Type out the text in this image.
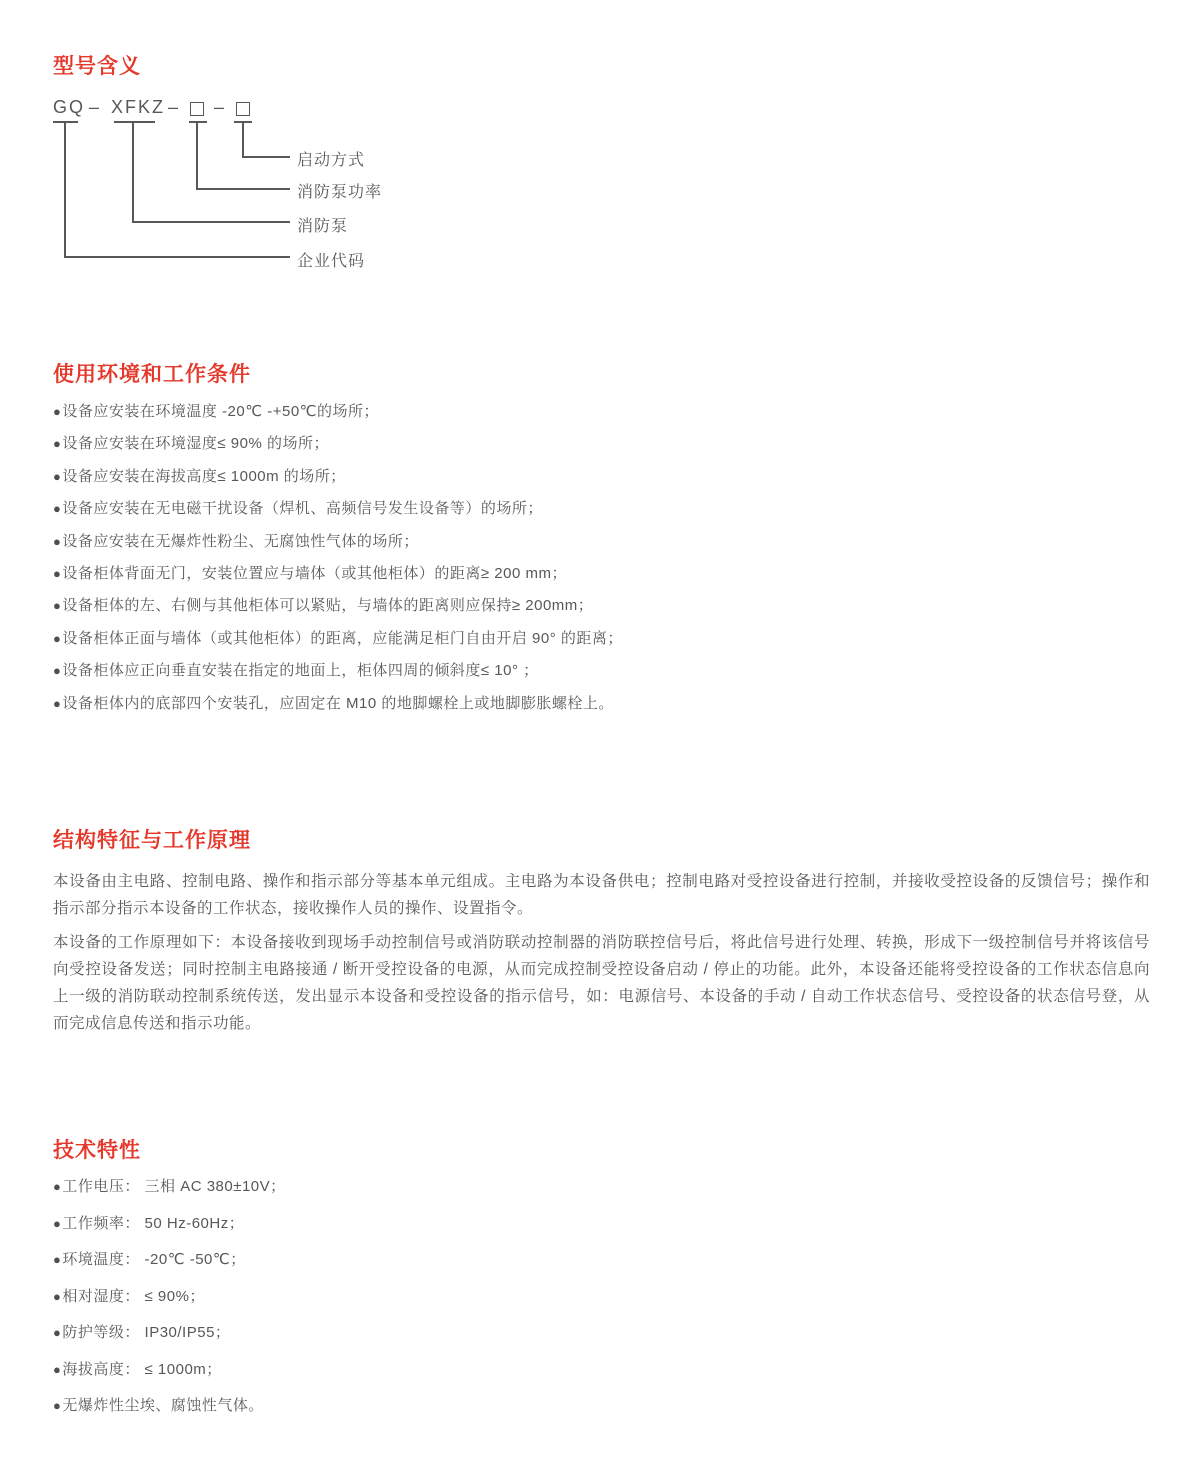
型号含义
GQ – XFKZ – –
启动方式
消防泵功率
消防泵
企业代码
使用环境和工作条件
●设备应安装在环境温度 -20℃ -+50℃的场所；
●设备应安装在环境湿度≤ 90% 的场所；
●设备应安装在海拔高度≤ 1000m 的场所；
●设备应安装在无电磁干扰设备（焊机、高频信号发生设备等）的场所；
●设备应安装在无爆炸性粉尘、无腐蚀性气体的场所；
●设备柜体背面无门，安装位置应与墙体（或其他柜体）的距离≥ 200 mm；
●设备柜体的左、右侧与其他柜体可以紧贴，与墙体的距离则应保持≥ 200mm；
●设备柜体正面与墙体（或其他柜体）的距离，应能满足柜门自由开启 90° 的距离；
●设备柜体应正向垂直安装在指定的地面上，柜体四周的倾斜度≤ 10° ；
●设备柜体内的底部四个安装孔，应固定在 M10 的地脚螺栓上或地脚膨胀螺栓上。
结构特征与工作原理

本设备由主电路、控制电路、操作和指示部分等基本单元组成。主电路为本设备供电；控制电路对受控设备进行控制，并接收受控设备的反馈信号；操作和指示部分指示本设备的工作状态，接收操作人员的操作、设置指令。

本设备的工作原理如下：本设备接收到现场手动控制信号或消防联动控制器的消防联控信号后，将此信号进行处理、转换，形成下一级控制信号并将该信号向受控设备发送；同时控制主电路接通 / 断开受控设备的电源，从而完成控制受控设备启动 / 停止的功能。此外，本设备还能将受控设备的工作状态信息向上一级的消防联动控制系统传送，发出显示本设备和受控设备的指示信号，如：电源信号、本设备的手动 / 自动工作状态信号、受控设备的状态信号登，从而完成信息传送和指示功能。

技术特性
●工作电压： 三相 AC 380±10V；
●工作频率： 50 Hz-60Hz；
●环境温度： -20℃ -50℃；
●相对湿度： ≤ 90%；
●防护等级： IP30/IP55；
●海拔高度： ≤ 1000m；
●无爆炸性尘埃、腐蚀性气体。
